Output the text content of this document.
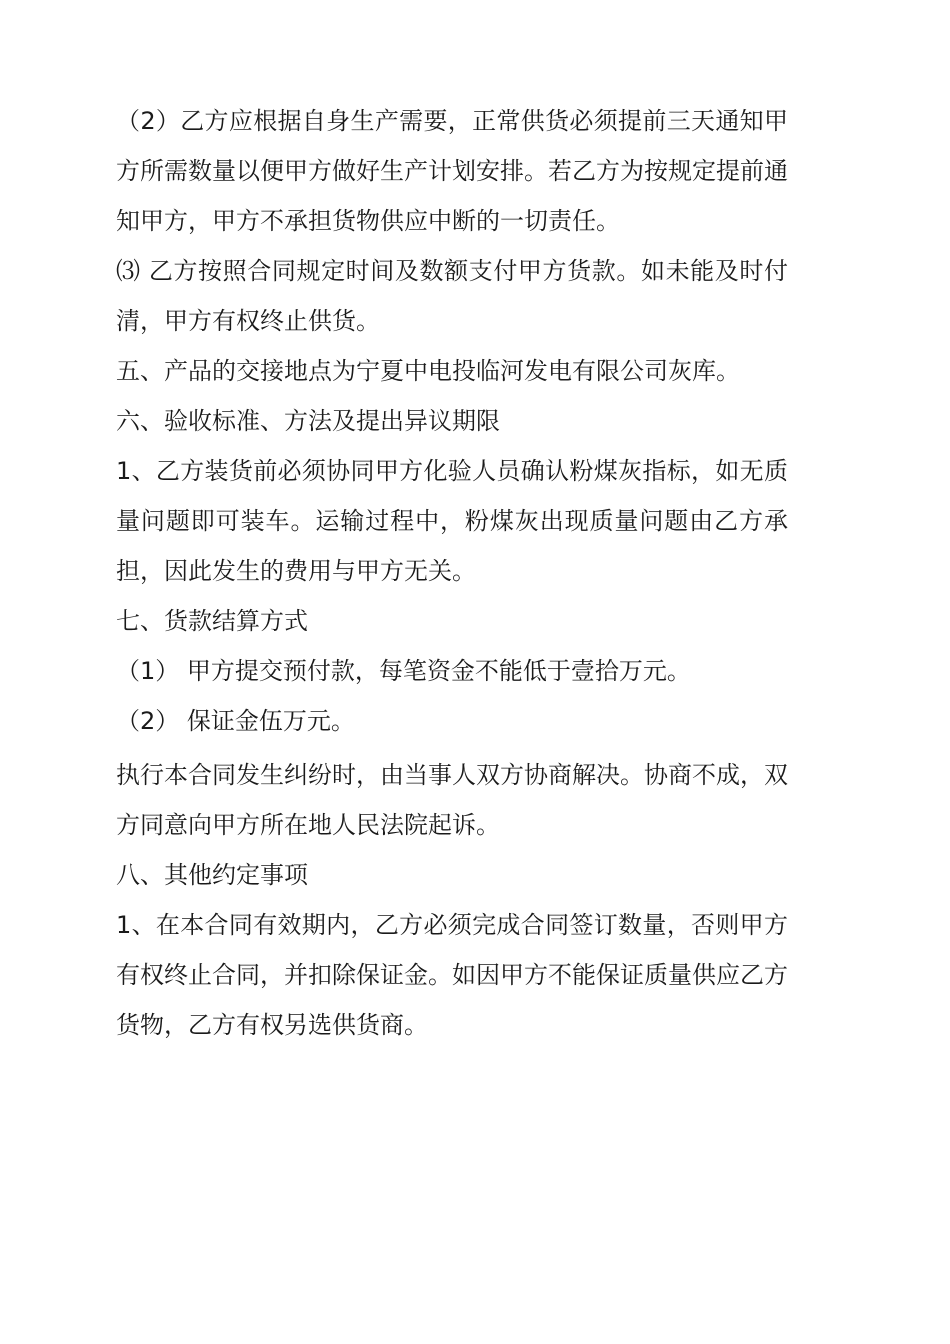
（2）乙方应根据自身生产需要，正常供货必须提前三天通知甲方所需数量以便甲方做好生产计划安排。若乙方为按规定提前通知甲方，甲方不承担货物供应中断的一切责任。

⑶ 乙方按照合同规定时间及数额支付甲方货款。如未能及时付清，甲方有权终止供货。

五、产品的交接地点为宁夏中电投临河发电有限公司灰库。

六、验收标准、方法及提出异议期限

1、乙方装货前必须协同甲方化验人员确认粉煤灰指标，如无质量问题即可装车。运输过程中，粉煤灰出现质量问题由乙方承担，因此发生的费用与甲方无关。

七、货款结算方式

（1） 甲方提交预付款，每笔资金不能低于壹拾万元。

（2） 保证金伍万元。

执行本合同发生纠纷时，由当事人双方协商解决。协商不成，双方同意向甲方所在地人民法院起诉。

八、其他约定事项

1、在本合同有效期内，乙方必须完成合同签订数量，否则甲方有权终止合同，并扣除保证金。如因甲方不能保证质量供应乙方货物，乙方有权另选供货商。
